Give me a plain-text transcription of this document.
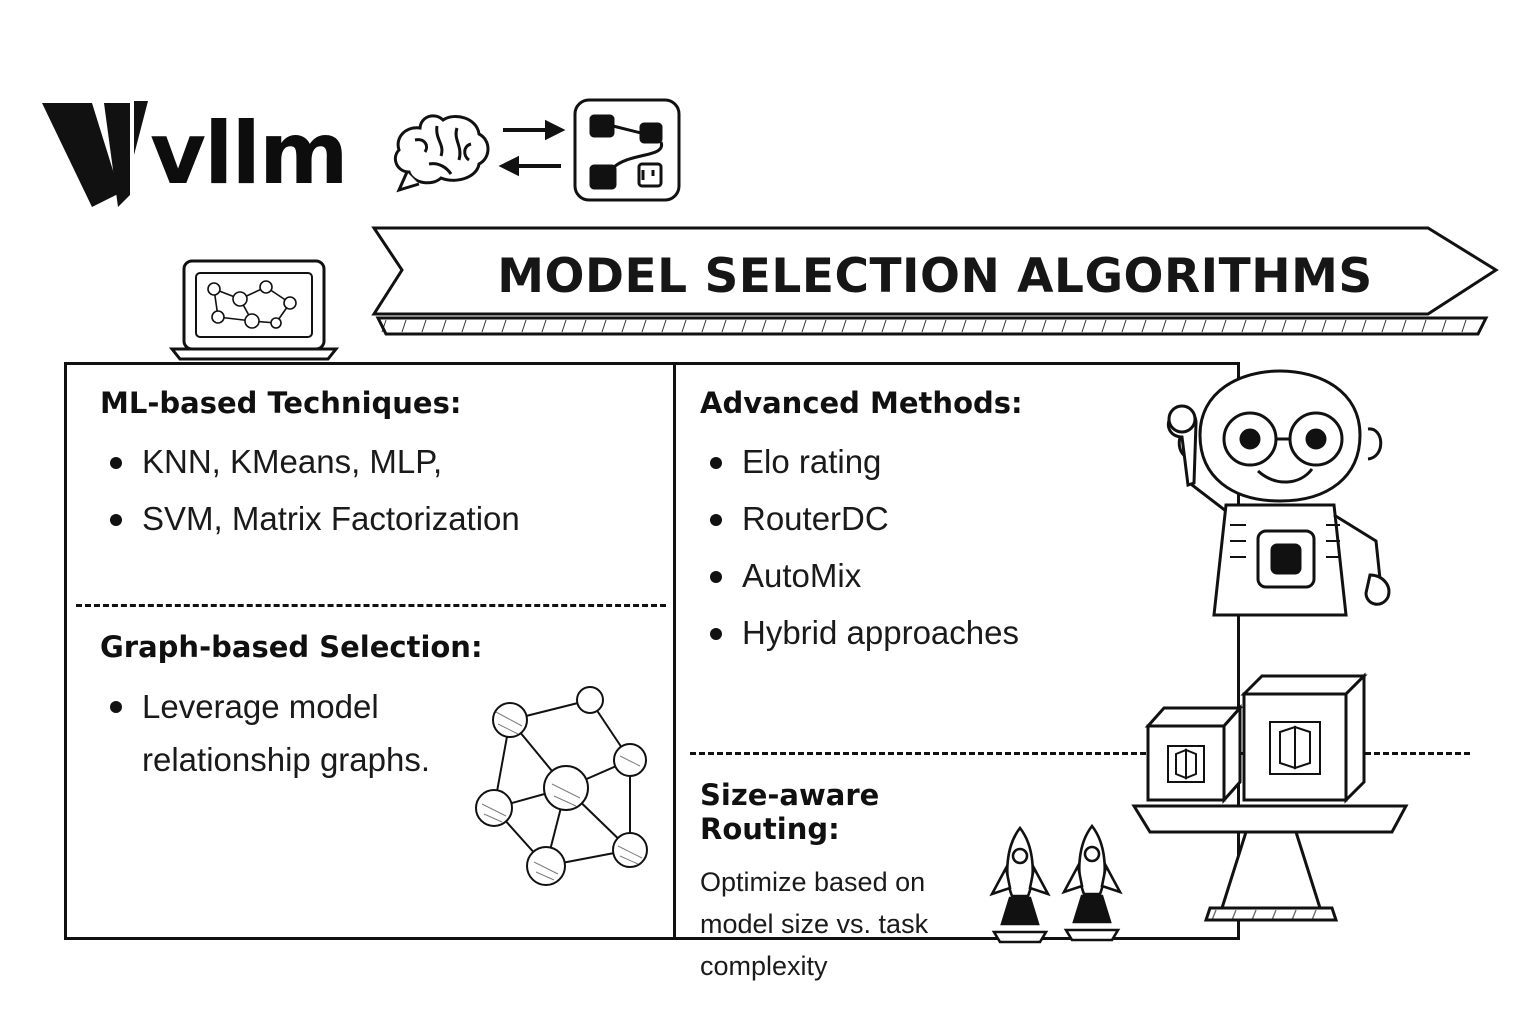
vllm
MODEL SELECTION ALGORITHMS
ML-based Techniques:
KNN, KMeans, MLP,
SVM, Matrix Factorization
Graph-based Selection:
Leverage model relationship graphs.
Advanced Methods:
Elo rating
RouterDC
AutoMix
Hybrid approaches
Size-aware Routing:
Optimize based on model size vs. task complexity
